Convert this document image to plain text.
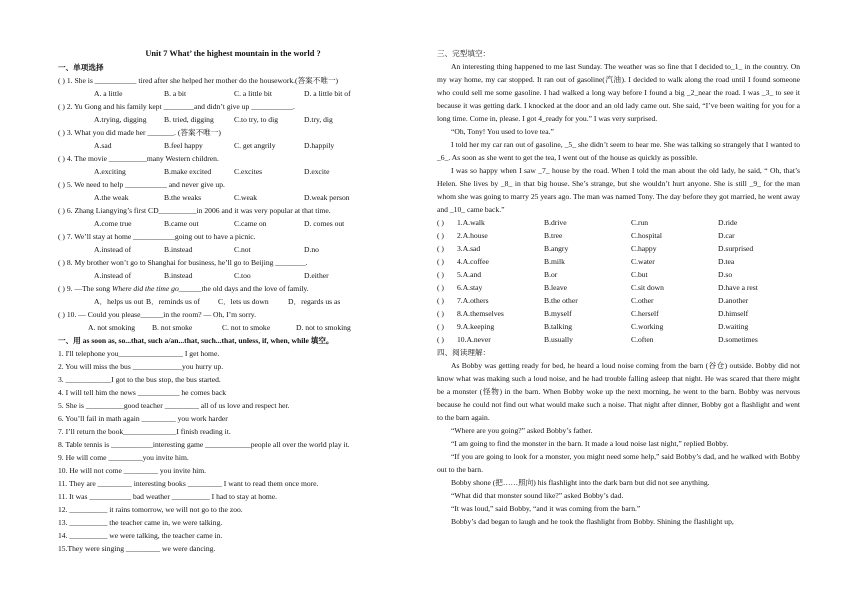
Unit 7 What’ the highest mountain in the world ?
一、单项选择
( ) 1. She is ___________ tired after she helped her mother do the housework.(答案不唯一)
A. a little	B. a bit	C. a little bit	D. a little bit of
( ) 2. Yu Gong and his family kept ________and didn’t give up ___________.
A.trying, digging	B. tried, digging	C.to try, to dig	D.try, dig
( ) 3. What you did made her _______. (答案不唯一)
A.sad	B.feel happy	C. get angrily	D.happily
( ) 4. The movie __________many Western children.
A.exciting	B.make excited	C.excites	D.excite
( ) 5. We need to help ___________ and never give up.
A.the weak	B.the weaks	C.weak	D.weak person
( ) 6. Zhang Liangying’s first CD__________in 2006 and it was very popular at that time.
A.come true	B.came out	C.came on	D. comes out
( ) 7. We’ll stay at home ___________going out to have a picnic.
A.instead of	B.instead	C.not	D.no
( ) 8. My brother won’t go to Shanghai for business, he’ll go to Beijing ________.
A.instead of	B.instead	C.too	D.either
( ) 9. —The song Where did the time go______the old days and the love of family.
A．helps us out B．reminds us of	C．lets us down	D．regards us as
( ) 10. — Could you please______in the room? — Oh, I’m sorry.
A. not smoking	B. not smoke	C. not to smoke	D. not to smoking
一、用 as soon as, so...that, such a/an...that, such...that, unless, if, when, while 填空。
1. I'll telephone you_________________ I get home.
2. You will miss the bus _____________you hurry up.
3. ____________I got to the bus stop, the bus started.
4. I will tell him the news ___________ he comes back
5. She is __________good teacher _________ all of us love and respect her.
6. You’ll fail in math again _________ you work harder
7. I’ll return the book______________I finish reading it.
8. Table tennis is ___________interesting game ____________people all over the world play it.
9. He will come _________you invite him.
10. He will not come _________ you invite him.
11. They are _________ interesting books _________ I want to read them once more.
11. It was ___________ bad weather __________ I had to stay at home.
12. __________ it rains tomorrow, we will not go to the zoo.
13. __________ the teacher came in, we were talking.
14. __________ we were talking, the teacher came in.
15.They were singing _________ we were dancing.
三、完型填空：
An interesting thing happened to me last Sunday. The weather was so fine that I decided to_1_ in the country. On my way home, my car stopped. It ran out of gasoline(汽油). I decided to walk along the road until I found someone who could sell me some gasoline. I had walked a long way before I found a big _2_near the road. I was _3_ to see it because it was getting dark. I knocked at the door and an old lady came out. She said, “I’ve been waiting for you for a long time. Come in, please. I got 4_ready for you.” I was very surprised.
“Oh, Tony! You used to love tea.”
I told her my car ran out of gasoline, _5_ she didn’t seem to hear me. She was talking so strangely that I wanted to _6_. As soon as she went to get the tea, I went out of the house as quickly as possible.
I was so happy when I saw _7_ house by the road. When I told the man about the old lady, he said, “ Oh, that’s Helen. She lives by _8_ in that big house. She’s strange, but she wouldn’t hurt anyone. She is still _9_ for the man whom she was going to marry 25 years ago. The man was named Tony. The day before they got married, he went away and _10_ came back.”
( )	1.A.walk	B.drive	C.run	D.ride
( )	2.A.house	B.tree	C.hospital	D.car
( )	3.A.sad	B.angry	C.happy	D.surprised
( )	4.A.coffee	B.milk	C.water	D.tea
( )	5.A.and	B.or	C.but	D.so
( )	6.A.stay	B.leave	C.sit down	D.have a rest
( )	7.A.others	B.the other	C.other	D.another
( )	8.A.themselves	B.myself	C.herself	D.himself
( )	9.A.keeping	B.talking	C.working	D.waiting
( )	10.A.never	B.usually	C.often	D.sometimes
四、阅读理解：
As Bobby was getting ready for bed, he heard a loud noise coming from the barn (谷仓) outside. Bobby did not know what was making such a loud noise, and he had trouble falling asleep that night. He was scared that there might be a monster (怪物) in the barn. When Bobby woke up the next morning, he went to the barn. Bobby was nervous because he could not find out what would make such a noise. That night after dinner, Bobby got a flashlight and went to the barn again.
“Where are you going?” asked Bobby’s father.
“I am going to find the monster in the barn. It made a loud noise last night,” replied Bobby.
“If you are going to look for a monster, you might need some help,” said Bobby’s dad, and he walked with Bobby out to the barn.
Bobby shone (把……照向) his flashlight into the dark barn but did not see anything.
“What did that monster sound like?” asked Bobby’s dad.
“It was loud,” said Bobby, “and it was coming from the barn.”
Bobby’s dad began to laugh and he took the flashlight from Bobby. Shining the flashlight up,
